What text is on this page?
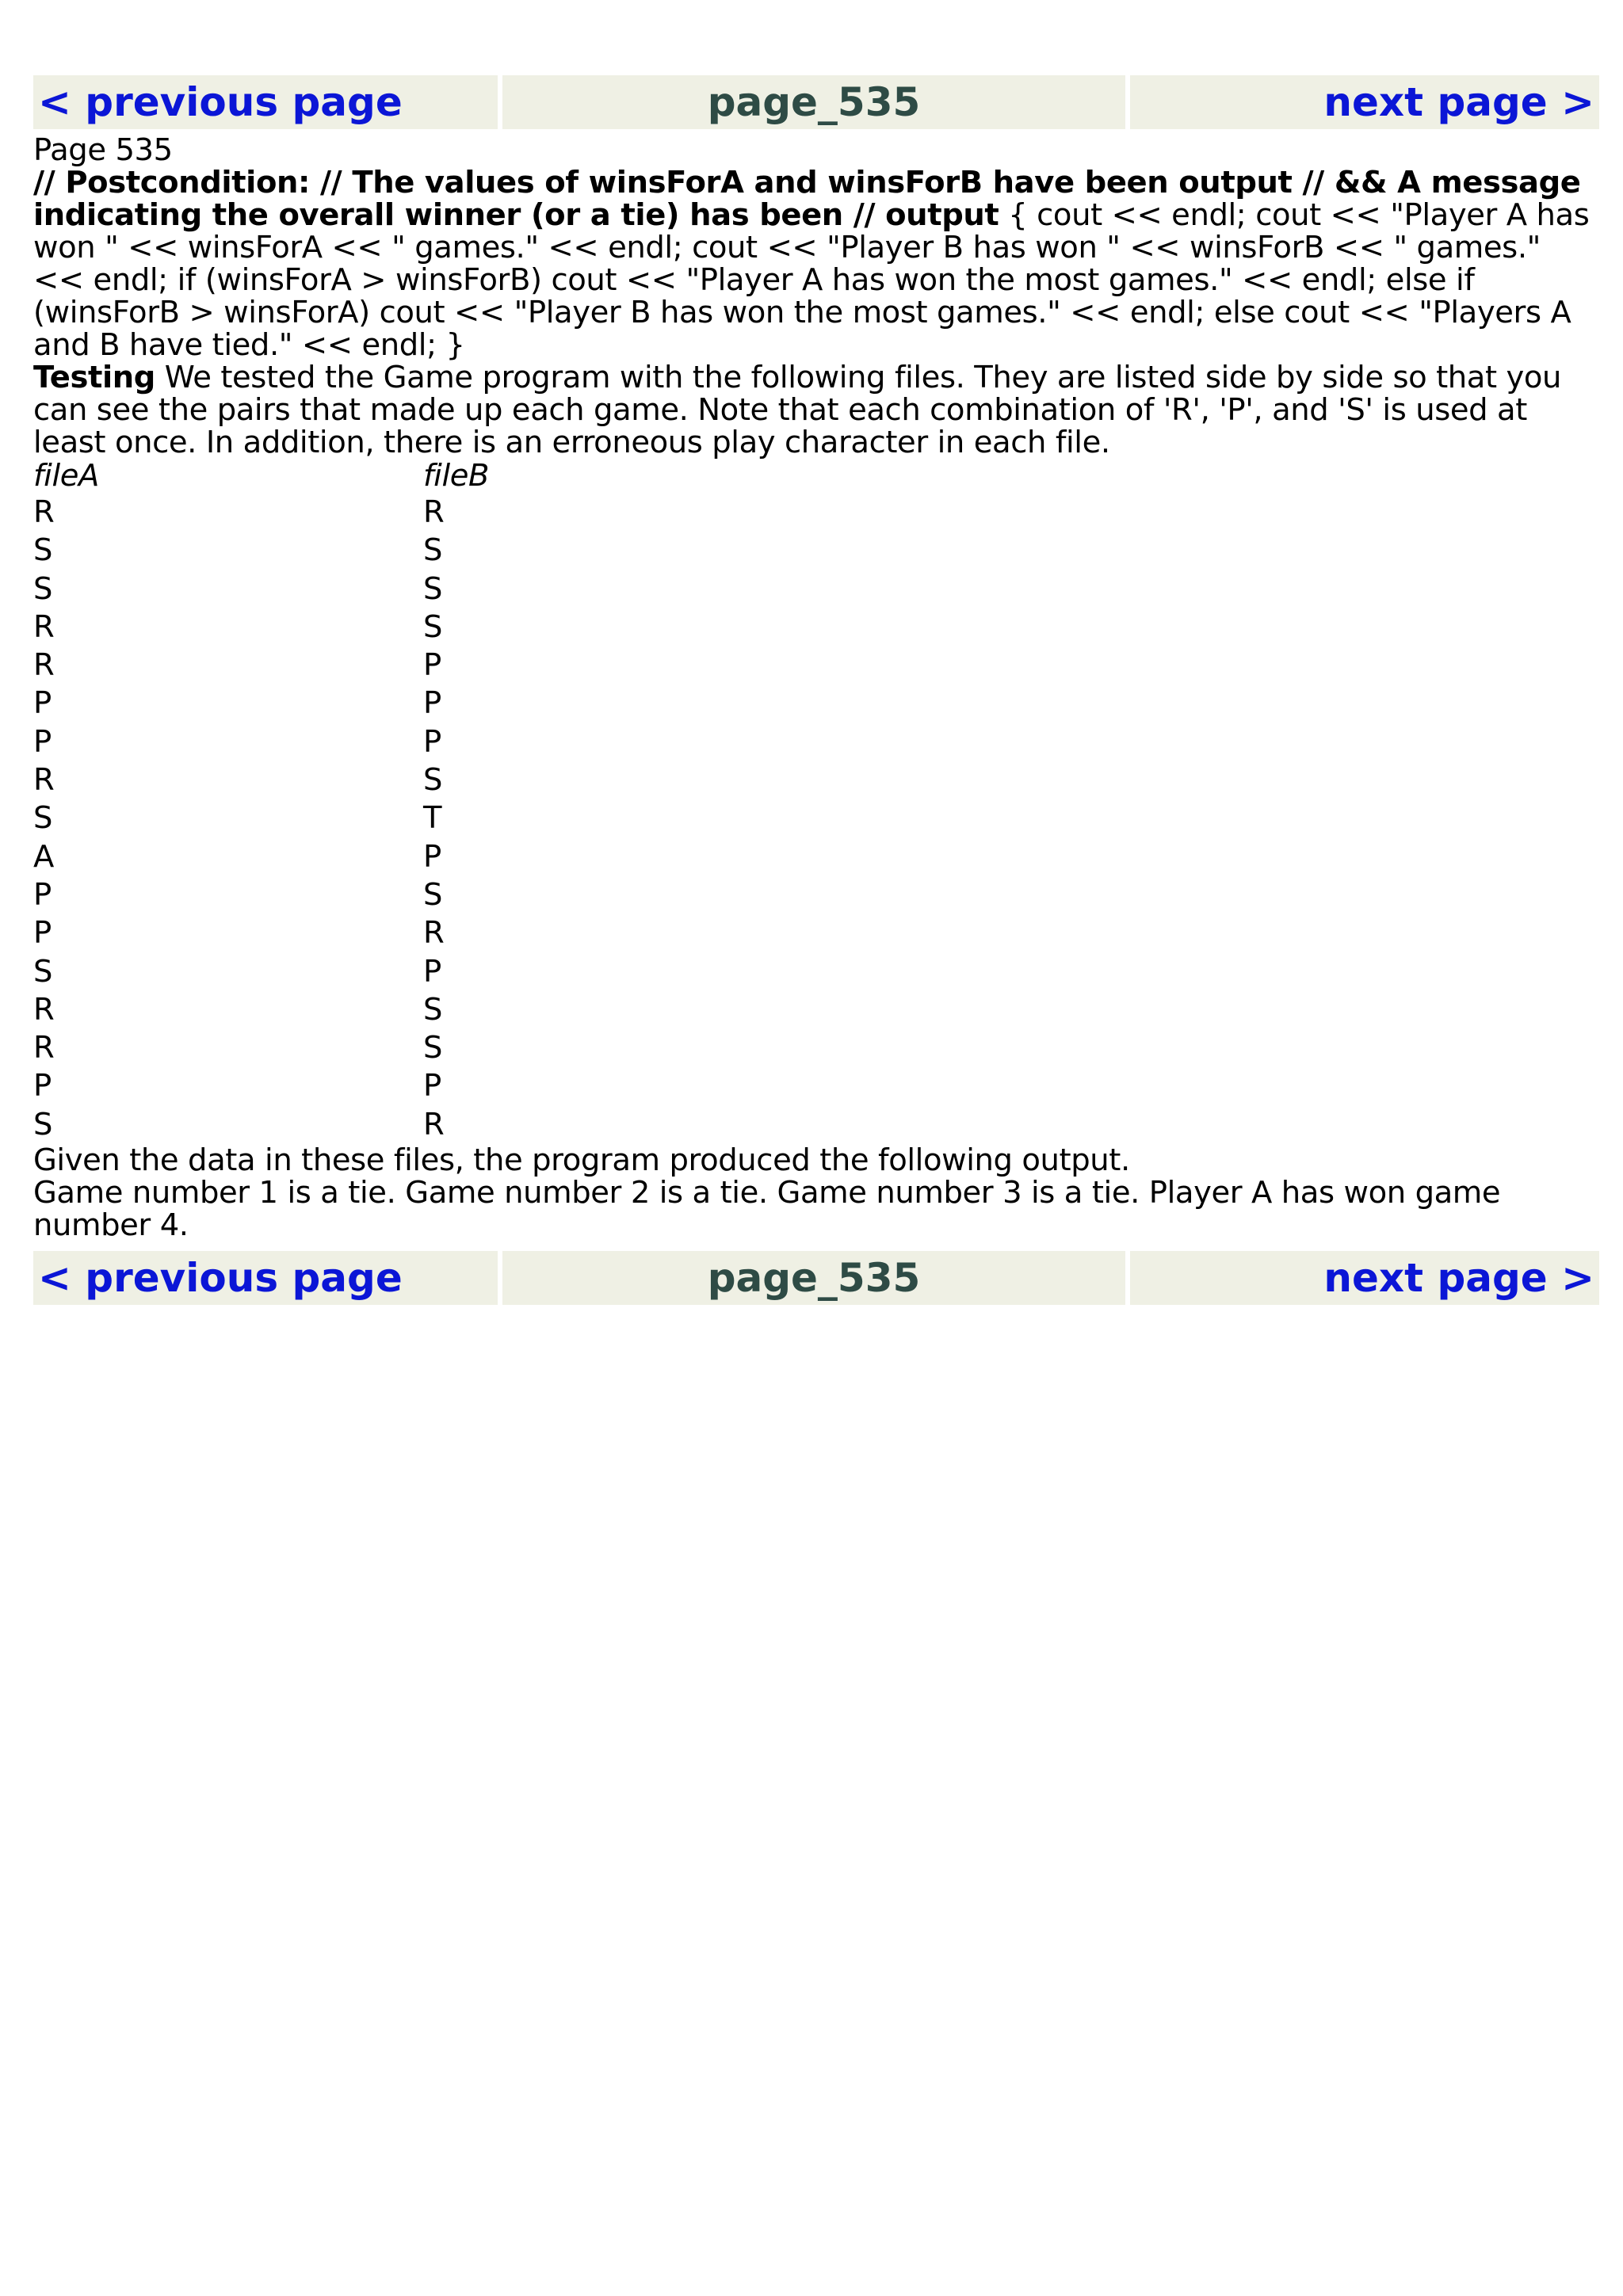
< previous page	page_535	next page >

Page 535

// Postcondition: // The values of winsForA and winsForB have been output // && A message indicating the overall winner (or a tie) has been // output { cout << endl; cout << "Player A has won " << winsForA << " games." << endl; cout << "Player B has won " << winsForB << " games." << endl; if (winsForA > winsForB) cout << "Player A has won the most games." << endl; else if (winsForB > winsForA) cout << "Player B has won the most games." << endl; else cout << "Players A and B have tied." << endl; }

Testing We tested the Game program with the following files. They are listed side by side so that you can see the pairs that made up each game. Note that each combination of 'R', 'P', and 'S' is used at least once. In addition, there is an erroneous play character in each file.

fileA	fileB
R	R
S	S
S	S
R	S
R	P
P	P
P	P
R	S
S	T
A	P
P	S
P	R
S	P
R	S
R	S
P	P
S	R

Given the data in these files, the program produced the following output.

Game number 1 is a tie. Game number 2 is a tie. Game number 3 is a tie. Player A has won game number 4.

< previous page	page_535	next page >
